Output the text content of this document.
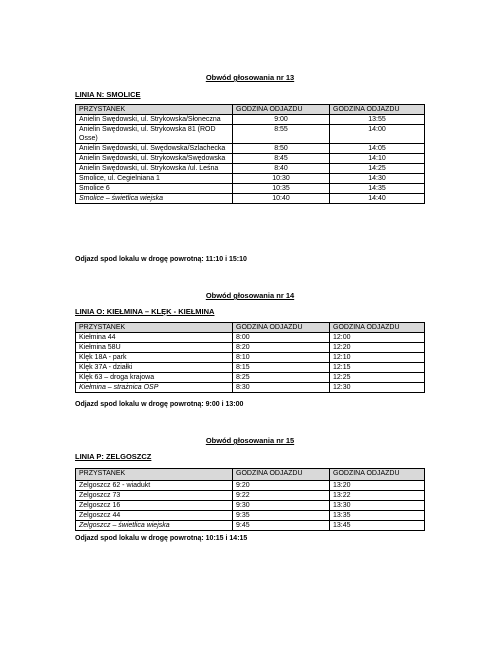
Obwód głosowania nr 13
LINIA N: SMOLICE
PRZYSTANEK	GODZINA ODJAZDU	GODZINA ODJAZDU
Anielin Swędowski, ul. Strykowska/Słoneczna	9:00	13:55
Anielin Swędowski, ul. Strykowska 81 (ROD Osse)	8:55	14:00
Anielin Swędowski, ul. Swędowska/Szlachecka	8:50	14:05
Anielin Swędowski, ul. Strykowska/Swędowska	8:45	14:10
Anielin Swędowski, ul. Strykowska /ul. Leśna	8:40	14:25
Smolice, ul. Cegielniana 1	10:30	14:30
Smolice 6	10:35	14:35
Smolice – świetlica wiejska	10:40	14:40
Odjazd spod lokalu w drogę powrotną: 11:10 i 15:10
Obwód głosowania nr 14
LINIA O: KIEŁMINA – KLĘK - KIEŁMINA
PRZYSTANEK	GODZINA ODJAZDU	GODZINA ODJAZDU
Kiełmina 44	8:00	12:00
Kiełmina 58U	8:20	12:20
Klęk 18A - park	8:10	12:10
Klęk 37A - działki	8:15	12:15
Klęk 63 – droga krajowa	8:25	12:25
Kiełmina – strażnica OSP	8:30	12:30
Odjazd spod lokalu w drogę powrotną: 9:00 i 13:00
Obwód głosowania nr 15
LINIA P: ZELGOSZCZ
PRZYSTANEK	GODZINA ODJAZDU	GODZINA ODJAZDU
Zelgoszcz 62 - wiadukt	9:20	13:20
Zelgoszcz 73	9:22	13:22
Zelgoszcz 16	9:30	13:30
Zelgoszcz 44	9:35	13:35
Zelgoszcz – świetlica wiejska	9:45	13:45
Odjazd spod lokalu w drogę powrotną: 10:15 i 14:15
